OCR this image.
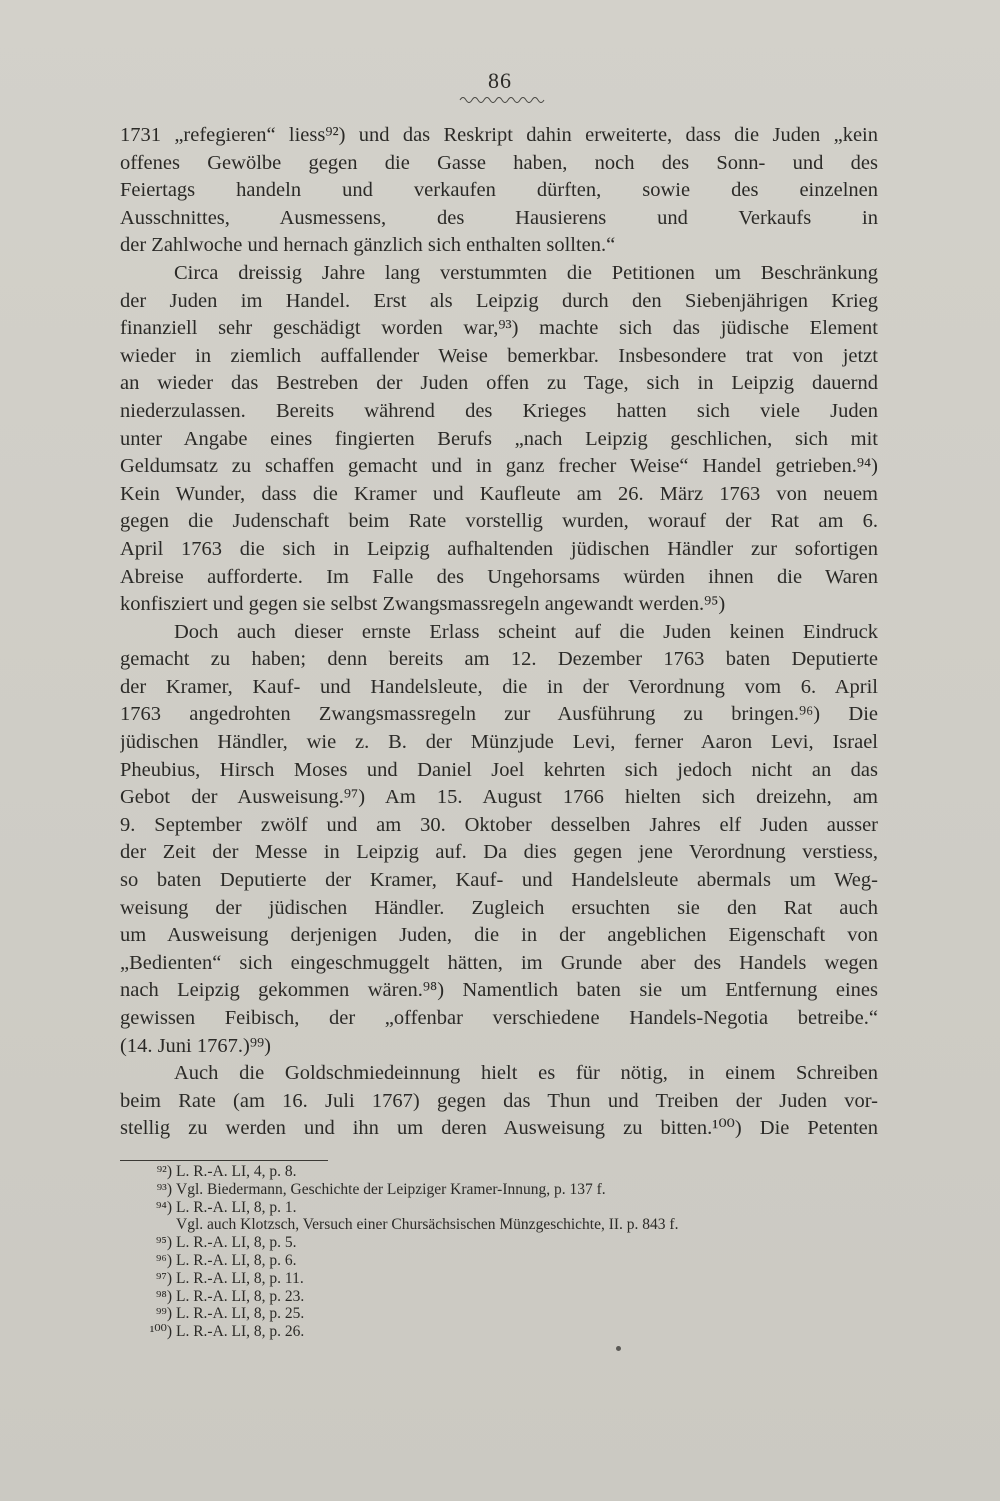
86
1731 „refegieren“ liess⁹²) und das Reskript dahin erweiterte, dass die Juden „kein
offenes Gewölbe gegen die Gasse haben, noch des Sonn- und des
Feiertags handeln und verkaufen dürften, sowie des einzelnen
Ausschnittes, Ausmessens, des Hausierens und Verkaufs in
der Zahlwoche und hernach gänzlich sich enthalten sollten.“
Circa dreissig Jahre lang verstummten die Petitionen um Beschränkung
der Juden im Handel. Erst als Leipzig durch den Siebenjährigen Krieg
finanziell sehr geschädigt worden war,⁹³) machte sich das jüdische Element
wieder in ziemlich auffallender Weise bemerkbar. Insbesondere trat von jetzt
an wieder das Bestreben der Juden offen zu Tage, sich in Leipzig dauernd
niederzulassen. Bereits während des Krieges hatten sich viele Juden
unter Angabe eines fingierten Berufs „nach Leipzig geschlichen, sich mit
Geldumsatz zu schaffen gemacht und in ganz frecher Weise“ Handel getrieben.⁹⁴)
Kein Wunder, dass die Kramer und Kaufleute am 26. März 1763 von neuem
gegen die Judenschaft beim Rate vorstellig wurden, worauf der Rat am 6.
April 1763 die sich in Leipzig aufhaltenden jüdischen Händler zur sofortigen
Abreise aufforderte. Im Falle des Ungehorsams würden ihnen die Waren
konfisziert und gegen sie selbst Zwangsmassregeln angewandt werden.⁹⁵)
Doch auch dieser ernste Erlass scheint auf die Juden keinen Eindruck
gemacht zu haben; denn bereits am 12. Dezember 1763 baten Deputierte
der Kramer, Kauf- und Handelsleute, die in der Verordnung vom 6. April
1763 angedrohten Zwangsmassregeln zur Ausführung zu bringen.⁹⁶) Die
jüdischen Händler, wie z. B. der Münzjude Levi, ferner Aaron Levi, Israel
Pheubius, Hirsch Moses und Daniel Joel kehrten sich jedoch nicht an das
Gebot der Ausweisung.⁹⁷) Am 15. August 1766 hielten sich dreizehn, am
9. September zwölf und am 30. Oktober desselben Jahres elf Juden ausser
der Zeit der Messe in Leipzig auf. Da dies gegen jene Verordnung verstiess,
so baten Deputierte der Kramer, Kauf- und Handelsleute abermals um Weg-
weisung der jüdischen Händler. Zugleich ersuchten sie den Rat auch
um Ausweisung derjenigen Juden, die in der angeblichen Eigenschaft von
„Bedienten“ sich eingeschmuggelt hätten, im Grunde aber des Handels wegen
nach Leipzig gekommen wären.⁹⁸) Namentlich baten sie um Entfernung eines
gewissen Feibisch, der „offenbar verschiedene Handels-Negotia betreibe.“
(14. Juni 1767.)⁹⁹)
Auch die Goldschmiedeinnung hielt es für nötig, in einem Schreiben
beim Rate (am 16. Juli 1767) gegen das Thun und Treiben der Juden vor-
stellig zu werden und ihn um deren Ausweisung zu bitten.¹⁰⁰) Die Petenten
⁹²) L. R.-A. LI, 4, p. 8.
⁹³) Vgl. Biedermann, Geschichte der Leipziger Kramer-Innung, p. 137 f.
⁹⁴) L. R.-A. LI, 8, p. 1.
Vgl. auch Klotzsch, Versuch einer Chursächsischen Münzgeschichte, II. p. 843 f.
⁹⁵) L. R.-A. LI, 8, p. 5.
⁹⁶) L. R.-A. LI, 8, p. 6.
⁹⁷) L. R.-A. LI, 8, p. 11.
⁹⁸) L. R.-A. LI, 8, p. 23.
⁹⁹) L. R.-A. LI, 8, p. 25.
¹⁰⁰) L. R.-A. LI, 8, p. 26.
